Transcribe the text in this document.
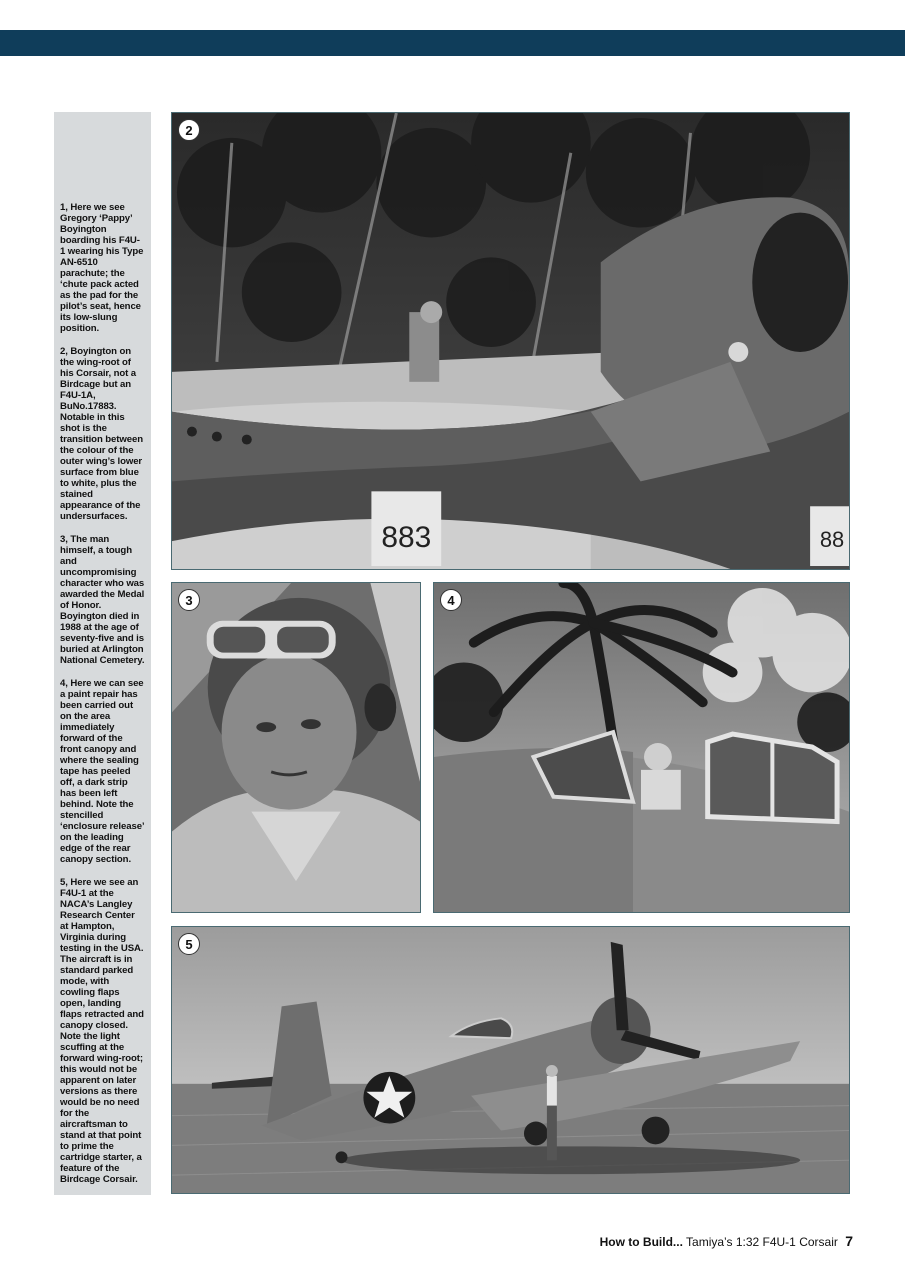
1, Here we see Gregory ‘Pappy’ Boyington boarding his F4U-1 wearing his Type AN-6510 parachute; the ‘chute pack acted as the pad for the pilot’s seat, hence its low-slung position.

2, Boyington on the wing-root of his Corsair, not a Birdcage but an F4U-1A, BuNo.17883. Notable in this shot is the transition between the colour of the outer wing’s lower surface from blue to white, plus the stained appearance of the undersurfaces.

3, The man himself, a tough and uncompromising character who was awarded the Medal of Honor. Boyington died in 1988 at the age of seventy-five and is buried at Arlington National Cemetery.

4, Here we can see a paint repair has been carried out on the area immediately forward of the front canopy and where the sealing tape has peeled off, a dark strip has been left behind. Note the stencilled ‘enclosure release’ on the leading edge of the rear canopy section.

5, Here we see an F4U-1 at the NACA’s Langley Research Center at Hampton, Virginia during testing in the USA. The aircraft is in standard parked mode, with cowling flaps open, landing flaps retracted and canopy closed. Note the light scuffing at the forward wing-root; this would not be apparent on later versions as there would be no need for the aircraftsman to stand at that point to prime the cartridge starter, a feature of the Birdcage Corsair.

883	88
2
3	4
5
How to Build... Tamiya’s 1:32 F4U-1 Corsair 7
